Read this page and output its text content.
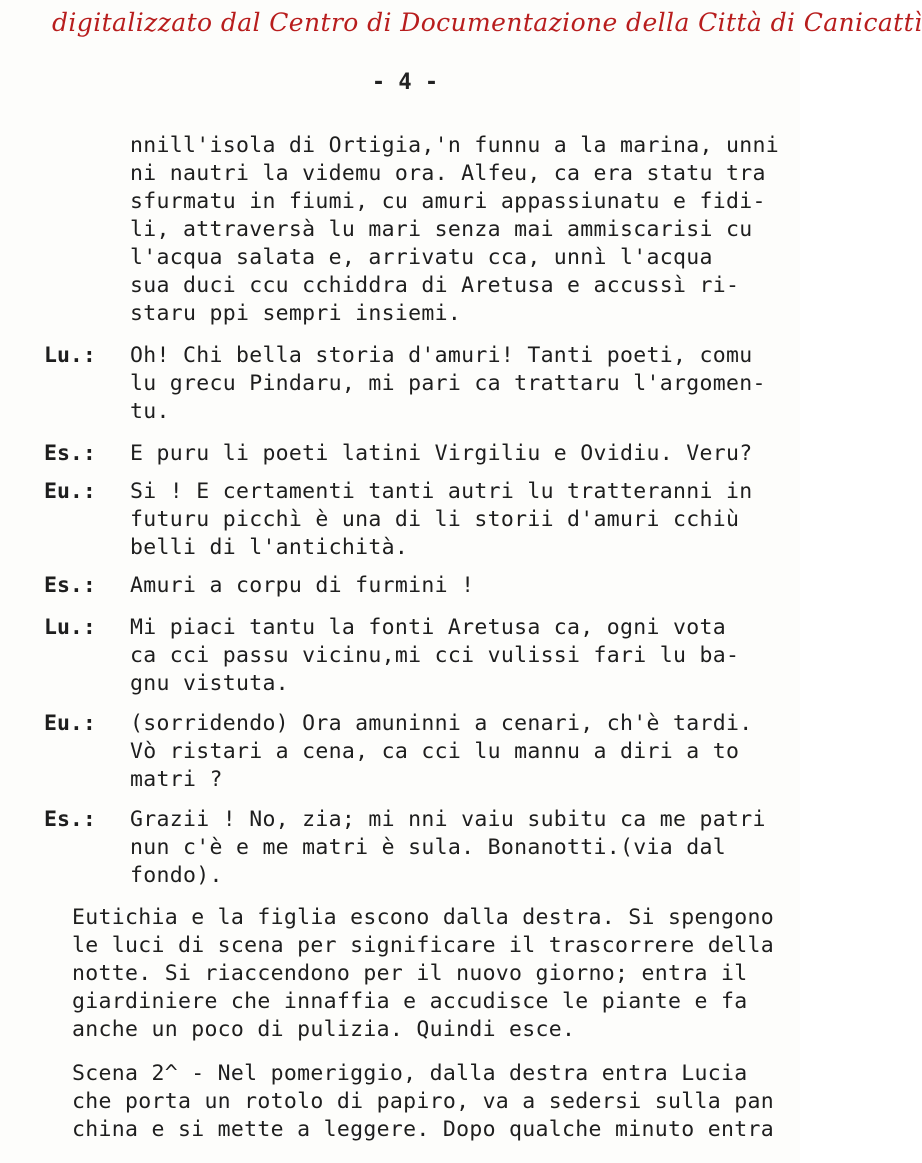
digitalizzato dal Centro di Documentazione della Città di Canicattì
- 4 -
nnill'isola di Ortigia,'n funnu a la marina, unni
ni nautri la videmu ora. Alfeu, ca era statu tra
sfurmatu in fiumi, cu amuri appassiunatu e fidi-
li, attraversà lu mari senza mai ammiscarisi cu
l'acqua salata e, arrivatu cca, unnì l'acqua
sua duci ccu cchiddra di Aretusa e accussì ri-
staru ppi sempri insiemi.
Lu.: Oh! Chi bella storia d'amuri! Tanti poeti, comu
lu grecu Pindaru, mi pari ca trattaru l'argomen-
tu.
Es.: E puru li poeti latini Virgiliu e Ovidiu. Veru?
Eu.: Si ! E certamenti tanti autri lu tratteranni in
futuru picchì è una di li storii d'amuri cchiù
belli di l'antichità.
Es.: Amuri a corpu di furmini !
Lu.: Mi piaci tantu la fonti Aretusa ca, ogni vota
ca cci passu vicinu,mi cci vulissi fari lu ba-
gnu vistuta.
Eu.: (sorridendo) Ora amuninni a cenari, ch'è tardi.
Vò ristari a cena, ca cci lu mannu a diri a to
matri ?
Es.: Grazii ! No, zia; mi nni vaiu subitu ca me patri
nun c'è e me matri è sula. Bonanotti.(via dal
fondo).
Eutichia e la figlia escono dalla destra. Si spengono
le luci di scena per significare il trascorrere della
notte. Si riaccendono per il nuovo giorno; entra il
giardiniere che innaffia e accudisce le piante e fa
anche un poco di pulizia. Quindi esce.
Scena 2^ - Nel pomeriggio, dalla destra entra Lucia
che porta un rotolo di papiro, va a sedersi sulla pan
china e si mette a leggere. Dopo qualche minuto entra
